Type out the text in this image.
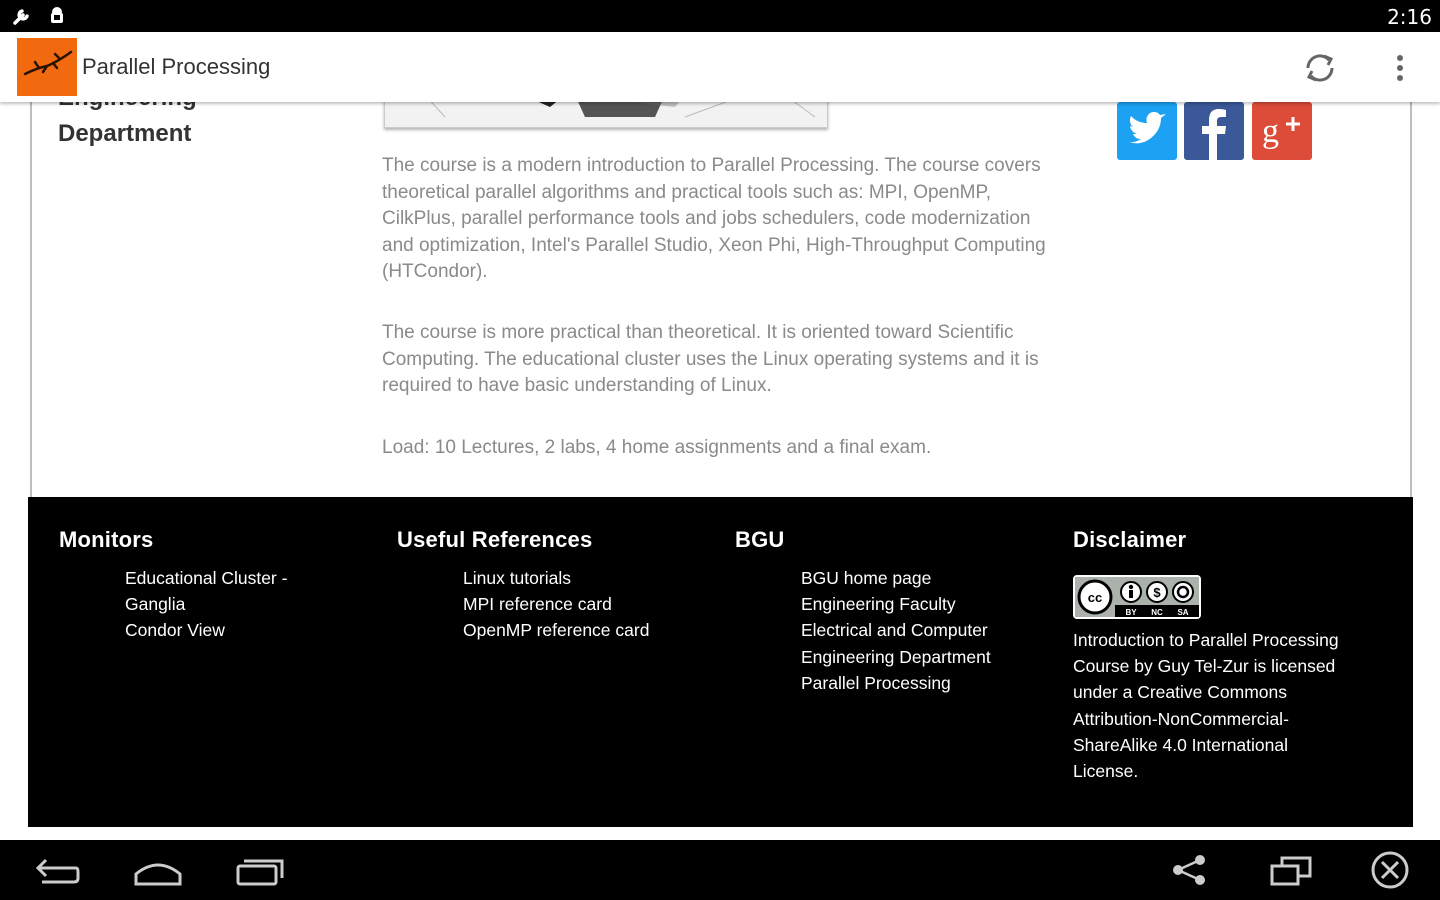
2:16
Parallel Processing
Department

The course is a modern introduction to Parallel Processing. The course covers theoretical parallel algorithms and practical tools such as: MPI, OpenMP, CilkPlus, parallel performance tools and jobs schedulers, code modernization and optimization, Intel's Parallel Studio, Xeon Phi, High-Throughput Computing (HTCondor).

The course is more practical than theoretical. It is oriented toward Scientific Computing. The educational cluster uses the Linux operating systems and it is required to have basic understanding of Linux.

Load: 10 Lectures, 2 labs, 4 home assignments and a final exam.

g
Monitors
Educational Cluster - Ganglia
Condor View
Useful References
Linux tutorials
MPI reference card
OpenMP reference card
BGU
BGU home page
Engineering Faculty
Electrical and Computer Engineering Department
Parallel Processing
Disclaimer
cc	$
BY NC SA
Introduction to Parallel Processing Course by Guy Tel-Zur is licensed under a Creative Commons Attribution-NonCommercial-ShareAlike 4.0 International License.
